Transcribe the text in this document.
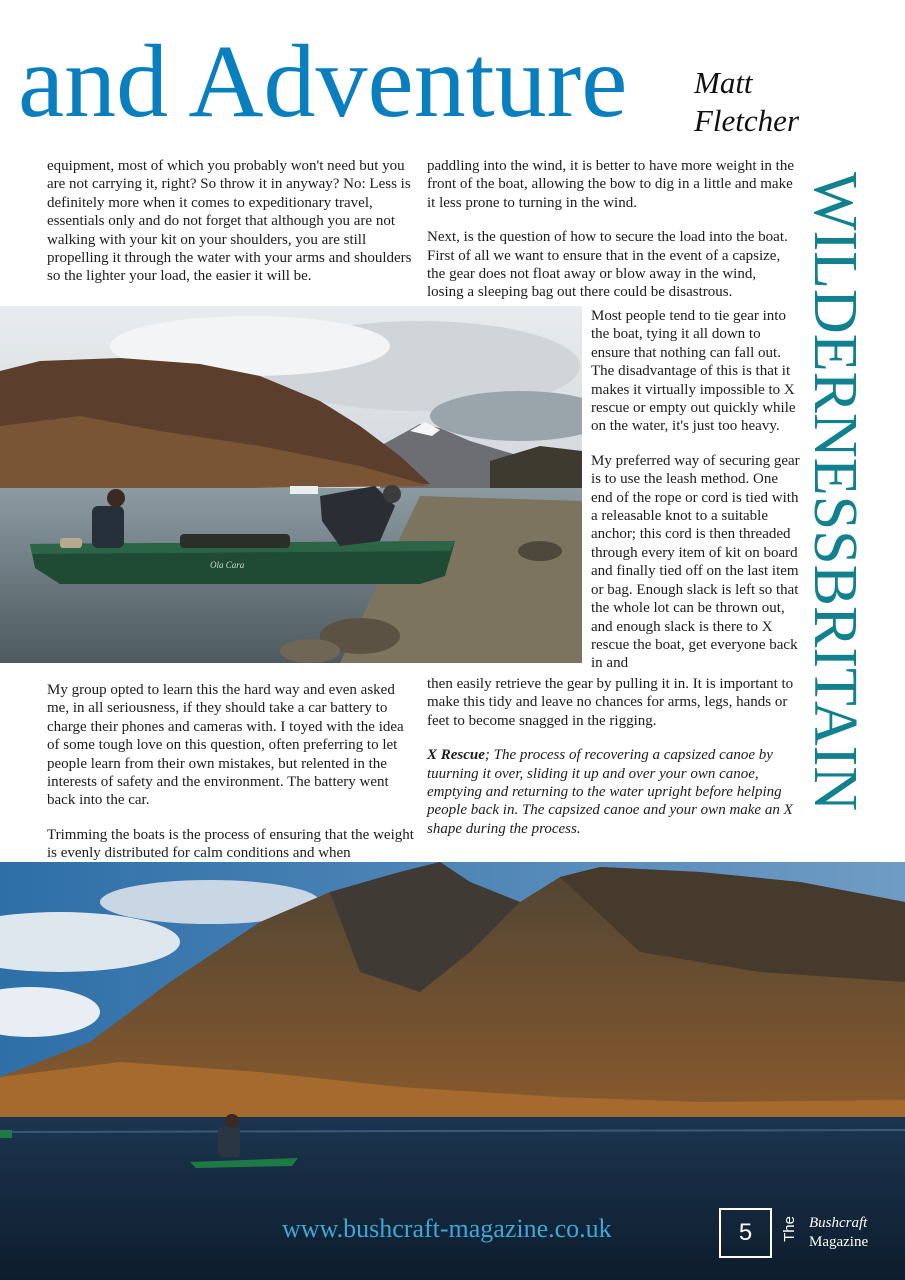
and Adventure Matt
Fletcher
WILDERNESSBRITAIN

equipment, most of which you probably won't need but you are not carrying it, right? So throw it in anyway? No: Less is definitely more when it comes to expeditionary travel, essentials only and do not forget that although you are not walking with your kit on your shoulders, you are still propelling it through the water with your arms and shoulders so the lighter your load, the easier it will be.

paddling into the wind, it is better to have more weight in the front of the boat, allowing the bow to dig in a little and make it less prone to turning in the wind.

Next, is the question of how to secure the load into the boat. First of all we want to ensure that in the event of a capsize, the gear does not float away or blow away in the wind, losing a sleeping bag out there could be disastrous.

Ola Cara

Most people tend to tie gear into the boat, tying it all down to ensure that nothing can fall out. The disadvantage of this is that it makes it virtually impossible to X rescue or empty out quickly while on the water, it's just too heavy.

My preferred way of securing gear is to use the leash method. One end of the rope or cord is tied with a releasable knot to a suitable anchor; this cord is then threaded through every item of kit on board and finally tied off on the last item or bag. Enough slack is left so that the whole lot can be thrown out, and enough slack is there to X rescue the boat, get everyone back in and

then easily retrieve the gear by pulling it in. It is important to make this tidy and leave no chances for arms, legs, hands or feet to become snagged in the rigging.

X Rescue; The process of recovering a capsized canoe by tuurning it over, sliding it up and over your own canoe, emptying and returning to the water upright before helping people back in. The capsized canoe and your own make an X shape during the process.

My group opted to learn this the hard way and even asked me, in all seriousness, if they should take a car battery to charge their phones and cameras with. I toyed with the idea of some tough love on this question, often preferring to let people learn from their own mistakes, but relented in the interests of safety and the environment. The battery went back into the car.

Trimming the boats is the process of ensuring that the weight is evenly distributed for calm conditions and when

www.bushcraft-magazine.co.uk	5	The Bushcraft
Magazine
